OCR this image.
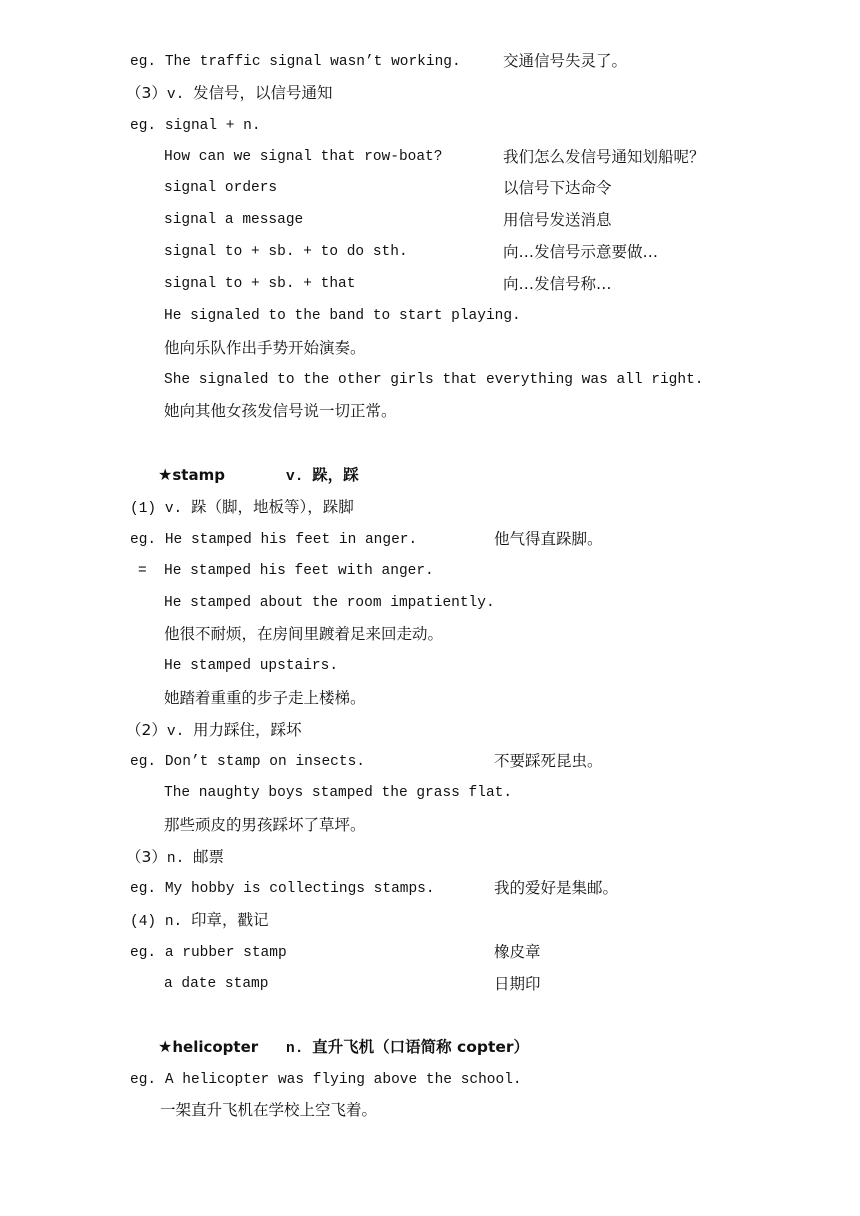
eg. The traffic signal wasn’t working.	交通信号失灵了。
（3）v. 发信号，以信号通知
eg. signal + n.
How can we signal that row-boat?	我们怎么发信号通知划船呢？
signal orders	以信号下达命令
signal a message	用信号发送消息
signal to + sb. + to do sth.	向…发信号示意要做…
signal to + sb. + that	向…发信号称…
He signaled to the band to start playing.
他向乐队作出手势开始演奏。
She signaled to the other girls that everything was all right.
她向其他女孩发信号说一切正常。
★stamp	v. 跺，踩
(1) v. 跺（脚，地板等），跺脚
eg. He stamped his feet in anger.	他气得直跺脚。
= He stamped his feet with anger.
He stamped about the room impatiently.
他很不耐烦，在房间里踱着足来回走动。
He stamped upstairs.
她踏着重重的步子走上楼梯。
（2）v. 用力踩住，踩坏
eg. Don’t stamp on insects.	不要踩死昆虫。
The naughty boys stamped the grass flat.
那些顽皮的男孩踩坏了草坪。
（3）n. 邮票
eg. My hobby is collectings stamps.	我的爱好是集邮。
(4) n. 印章，戳记
eg. a rubber stamp	橡皮章
a date stamp	日期印
★helicopter n. 直升飞机（口语简称 copter）
eg. A helicopter was flying above the school.
一架直升飞机在学校上空飞着。
